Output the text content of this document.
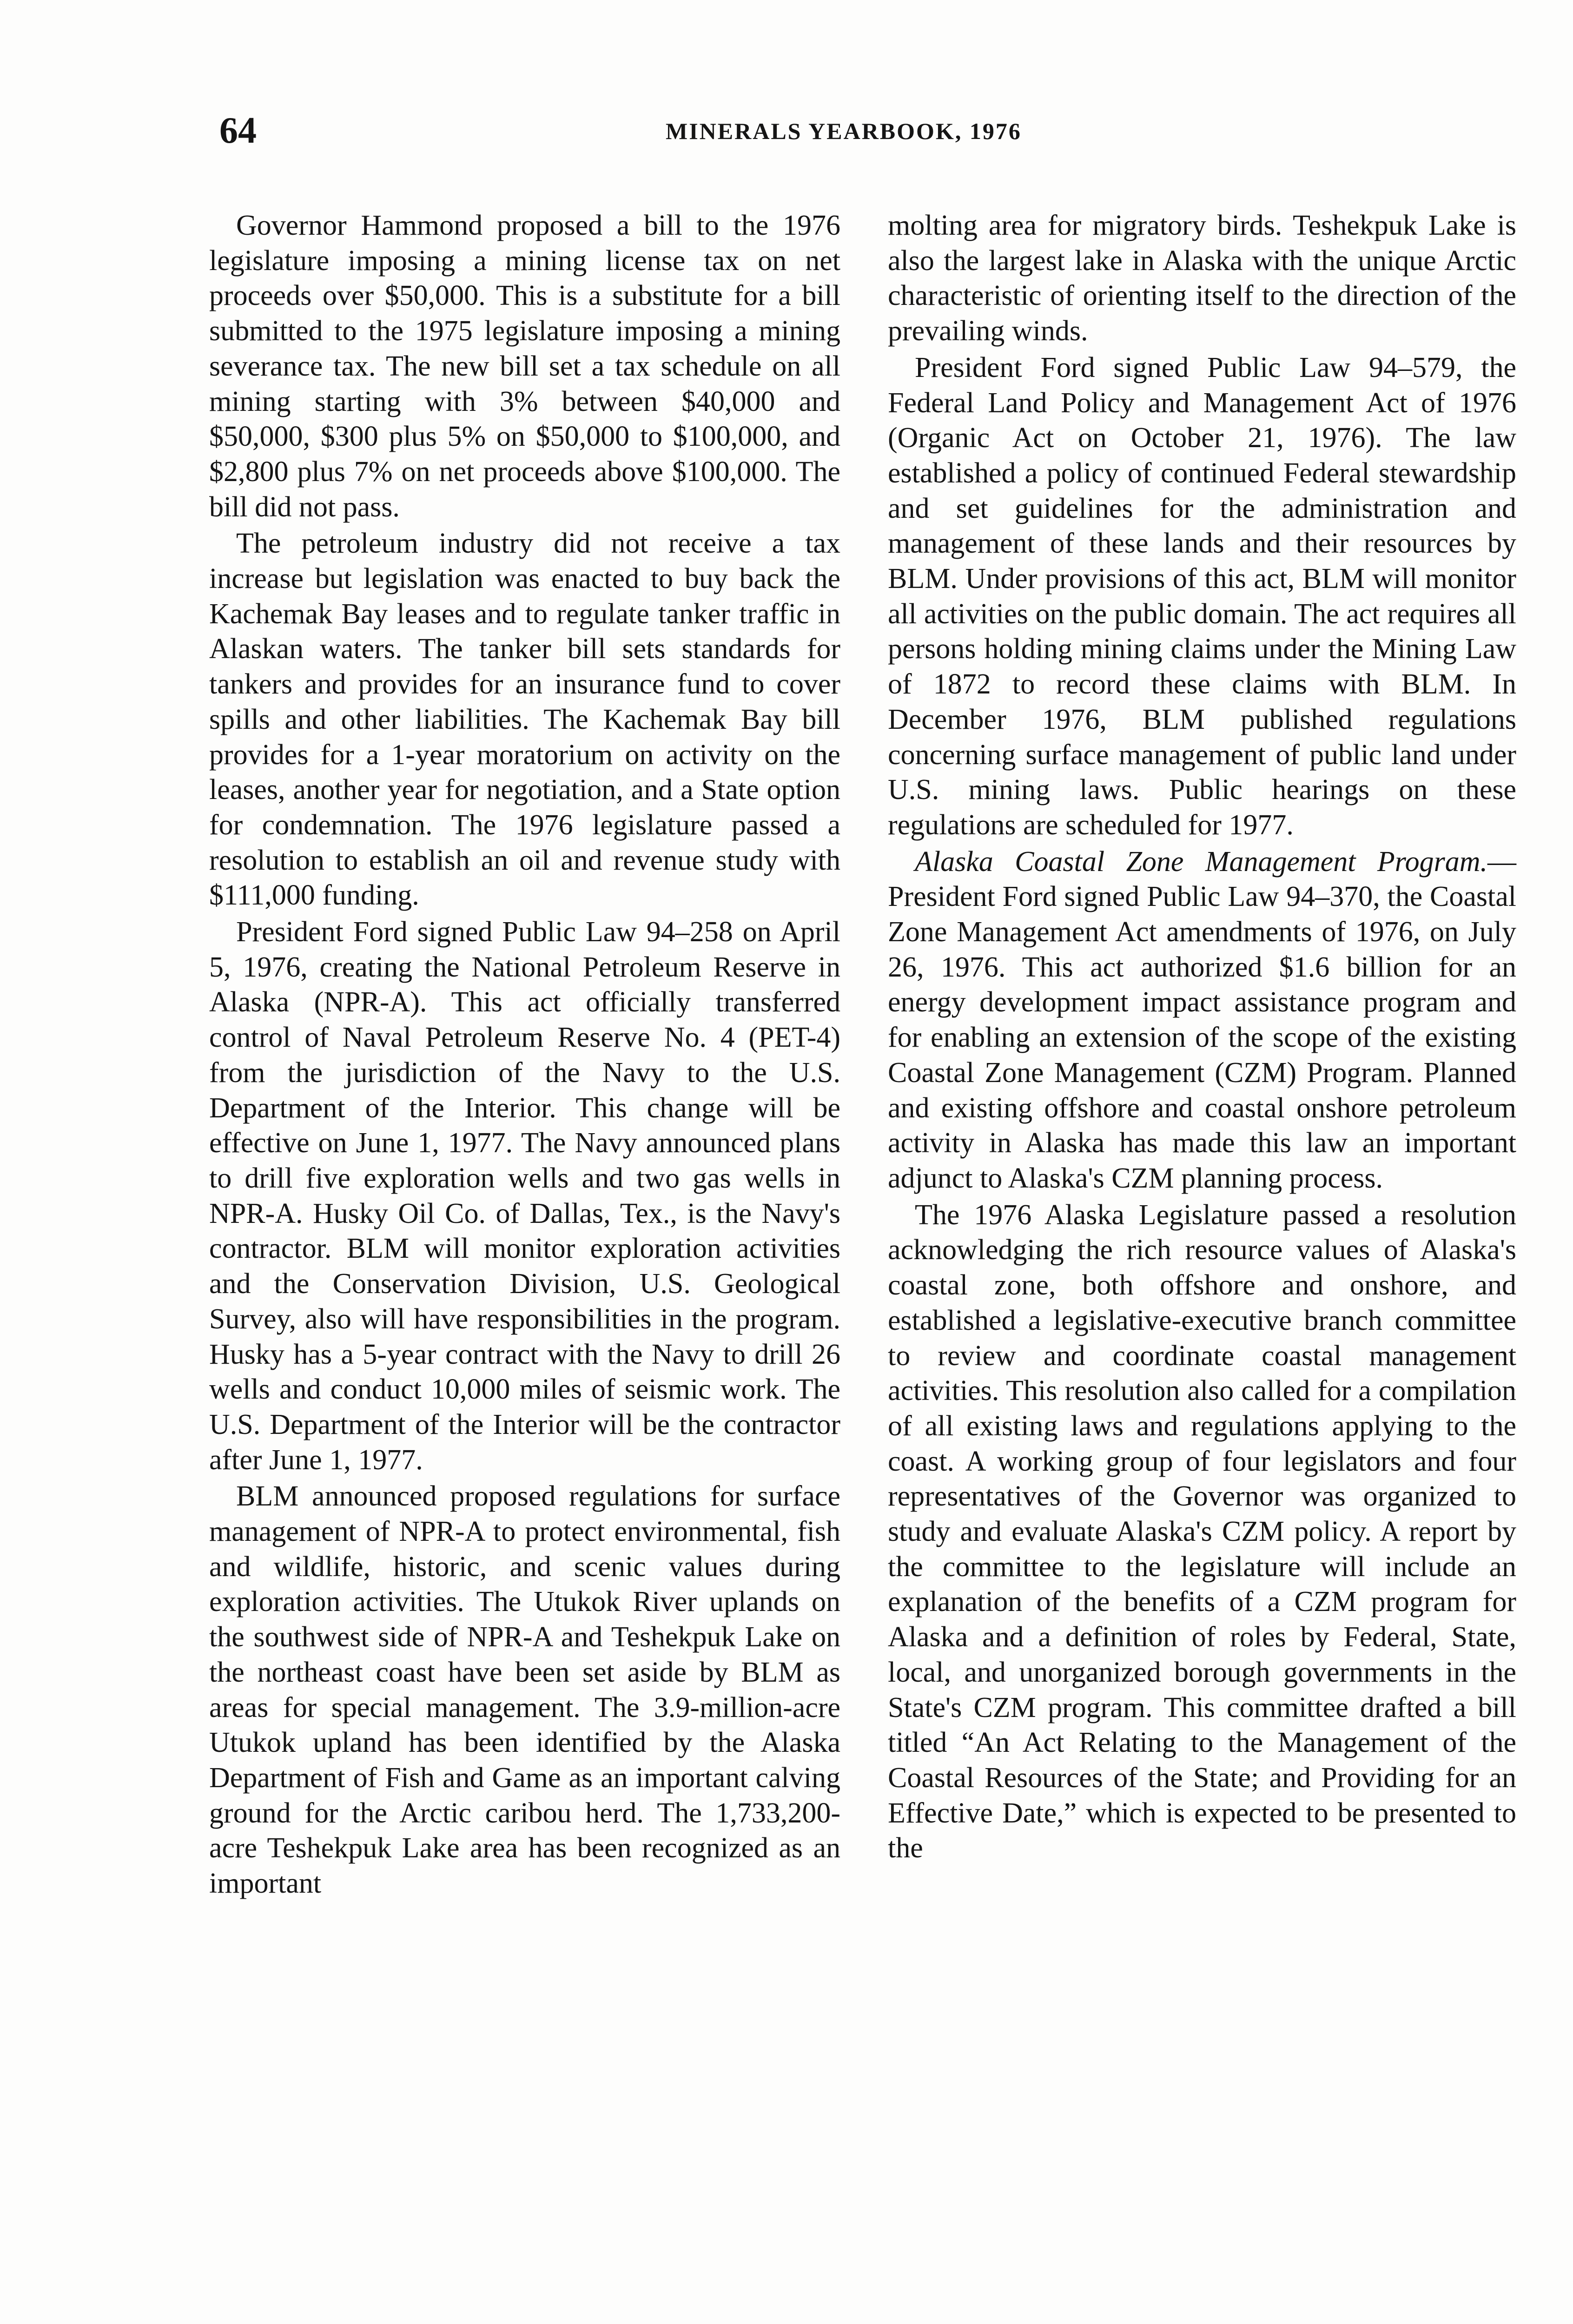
64	MINERALS YEARBOOK, 1976

Governor Hammond proposed a bill to the 1976 legislature imposing a mining license tax on net proceeds over $50,000. This is a substitute for a bill submitted to the 1975 legislature imposing a mining severance tax. The new bill set a tax schedule on all mining starting with 3% between $40,000 and $50,000, $300 plus 5% on $50,000 to $100,000, and $2,800 plus 7% on net proceeds above $100,000. The bill did not pass.

The petroleum industry did not receive a tax increase but legislation was enacted to buy back the Kachemak Bay leases and to regulate tanker traffic in Alaskan waters. The tanker bill sets standards for tankers and provides for an insurance fund to cover spills and other liabilities. The Kachemak Bay bill provides for a 1-year moratorium on activity on the leases, another year for negotiation, and a State option for condemnation. The 1976 legislature passed a resolution to establish an oil and revenue study with $111,000 funding.

President Ford signed Public Law 94–258 on April 5, 1976, creating the National Petroleum Reserve in Alaska (NPR-A). This act officially transferred control of Naval Petroleum Reserve No. 4 (PET-4) from the jurisdiction of the Navy to the U.S. Department of the Interior. This change will be effective on June 1, 1977. The Navy announced plans to drill five exploration wells and two gas wells in NPR-A. Husky Oil Co. of Dallas, Tex., is the Navy's contractor. BLM will monitor exploration activities and the Conservation Division, U.S. Geological Survey, also will have responsibilities in the program. Husky has a 5-year contract with the Navy to drill 26 wells and conduct 10,000 miles of seismic work. The U.S. Department of the Interior will be the contractor after June 1, 1977.

BLM announced proposed regulations for surface management of NPR-A to protect environmental, fish and wildlife, historic, and scenic values during exploration activities. The Utukok River uplands on the southwest side of NPR-A and Teshekpuk Lake on the northeast coast have been set aside by BLM as areas for special management. The 3.9-million-acre Utukok upland has been identified by the Alaska Department of Fish and Game as an important calving ground for the Arctic caribou herd. The 1,733,200-acre Teshekpuk Lake area has been recognized as an important

molting area for migratory birds. Teshekpuk Lake is also the largest lake in Alaska with the unique Arctic characteristic of orienting itself to the direction of the prevailing winds.

President Ford signed Public Law 94–579, the Federal Land Policy and Management Act of 1976 (Organic Act on October 21, 1976). The law established a policy of continued Federal stewardship and set guidelines for the administration and management of these lands and their resources by BLM. Under provisions of this act, BLM will monitor all activities on the public domain. The act requires all persons holding mining claims under the Mining Law of 1872 to record these claims with BLM. In December 1976, BLM published regulations concerning surface management of public land under U.S. mining laws. Public hearings on these regulations are scheduled for 1977.

Alaska Coastal Zone Management Program.—President Ford signed Public Law 94–370, the Coastal Zone Management Act amendments of 1976, on July 26, 1976. This act authorized $1.6 billion for an energy development impact assistance program and for enabling an extension of the scope of the existing Coastal Zone Management (CZM) Program. Planned and existing offshore and coastal onshore petroleum activity in Alaska has made this law an important adjunct to Alaska's CZM planning process.

The 1976 Alaska Legislature passed a resolution acknowledging the rich resource values of Alaska's coastal zone, both offshore and onshore, and established a legislative-executive branch committee to review and coordinate coastal management activities. This resolution also called for a compilation of all existing laws and regulations applying to the coast. A working group of four legislators and four representatives of the Governor was organized to study and evaluate Alaska's CZM policy. A report by the committee to the legislature will include an explanation of the benefits of a CZM program for Alaska and a definition of roles by Federal, State, local, and unorganized borough governments in the State's CZM program. This committee drafted a bill titled “An Act Relating to the Management of the Coastal Resources of the State; and Providing for an Effective Date,” which is expected to be presented to the
